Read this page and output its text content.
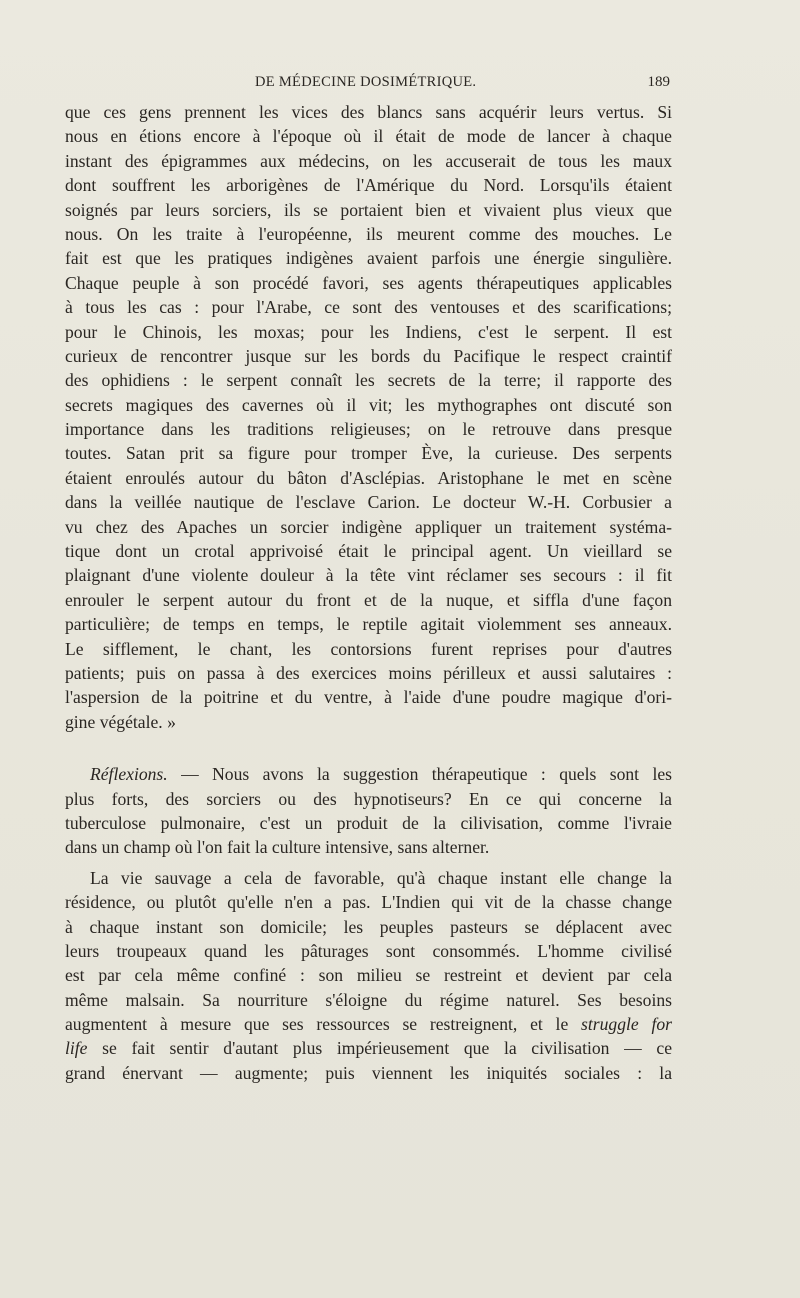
DE MÉDECINE DOSIMÉTRIQUE.	189

que ces gens prennent les vices des blancs sans acquérir leurs vertus. Si
nous en étions encore à l'époque où il était de mode de lancer à chaque
instant des épigrammes aux médecins, on les accuserait de tous les maux
dont souffrent les arborigènes de l'Amérique du Nord. Lorsqu'ils étaient
soignés par leurs sorciers, ils se portaient bien et vivaient plus vieux que
nous. On les traite à l'européenne, ils meurent comme des mouches. Le
fait est que les pratiques indigènes avaient parfois une énergie singulière.
Chaque peuple à son procédé favori, ses agents thérapeutiques applicables
à tous les cas : pour l'Arabe, ce sont des ventouses et des scarifications;
pour le Chinois, les moxas; pour les Indiens, c'est le serpent. Il est
curieux de rencontrer jusque sur les bords du Pacifique le respect craintif
des ophidiens : le serpent connaît les secrets de la terre; il rapporte des
secrets magiques des cavernes où il vit; les mythographes ont discuté son
importance dans les traditions religieuses; on le retrouve dans presque
toutes. Satan prit sa figure pour tromper Ève, la curieuse. Des serpents
étaient enroulés autour du bâton d'Asclépias. Aristophane le met en scène
dans la veillée nautique de l'esclave Carion. Le docteur W.-H. Corbusier a
vu chez des Apaches un sorcier indigène appliquer un traitement systéma-
tique dont un crotal apprivoisé était le principal agent. Un vieillard se
plaignant d'une violente douleur à la tête vint réclamer ses secours : il fit
enrouler le serpent autour du front et de la nuque, et siffla d'une façon
particulière; de temps en temps, le reptile agitait violemment ses anneaux.
Le sifflement, le chant, les contorsions furent reprises pour d'autres
patients; puis on passa à des exercices moins périlleux et aussi salutaires :
l'aspersion de la poitrine et du ventre, à l'aide d'une poudre magique d'ori-
gine végétale. »

Réflexions. — Nous avons la suggestion thérapeutique : quels sont les
plus forts, des sorciers ou des hypnotiseurs? En ce qui concerne la
tuberculose pulmonaire, c'est un produit de la cilivisation, comme l'ivraie
dans un champ où l'on fait la culture intensive, sans alterner.

La vie sauvage a cela de favorable, qu'à chaque instant elle change la
résidence, ou plutôt qu'elle n'en a pas. L'Indien qui vit de la chasse change
à chaque instant son domicile; les peuples pasteurs se déplacent avec
leurs troupeaux quand les pâturages sont consommés. L'homme civilisé
est par cela même confiné : son milieu se restreint et devient par cela
même malsain. Sa nourriture s'éloigne du régime naturel. Ses besoins
augmentent à mesure que ses ressources se restreignent, et le struggle for
life se fait sentir d'autant plus impérieusement que la civilisation — ce
grand énervant — augmente; puis viennent les iniquités sociales : la
